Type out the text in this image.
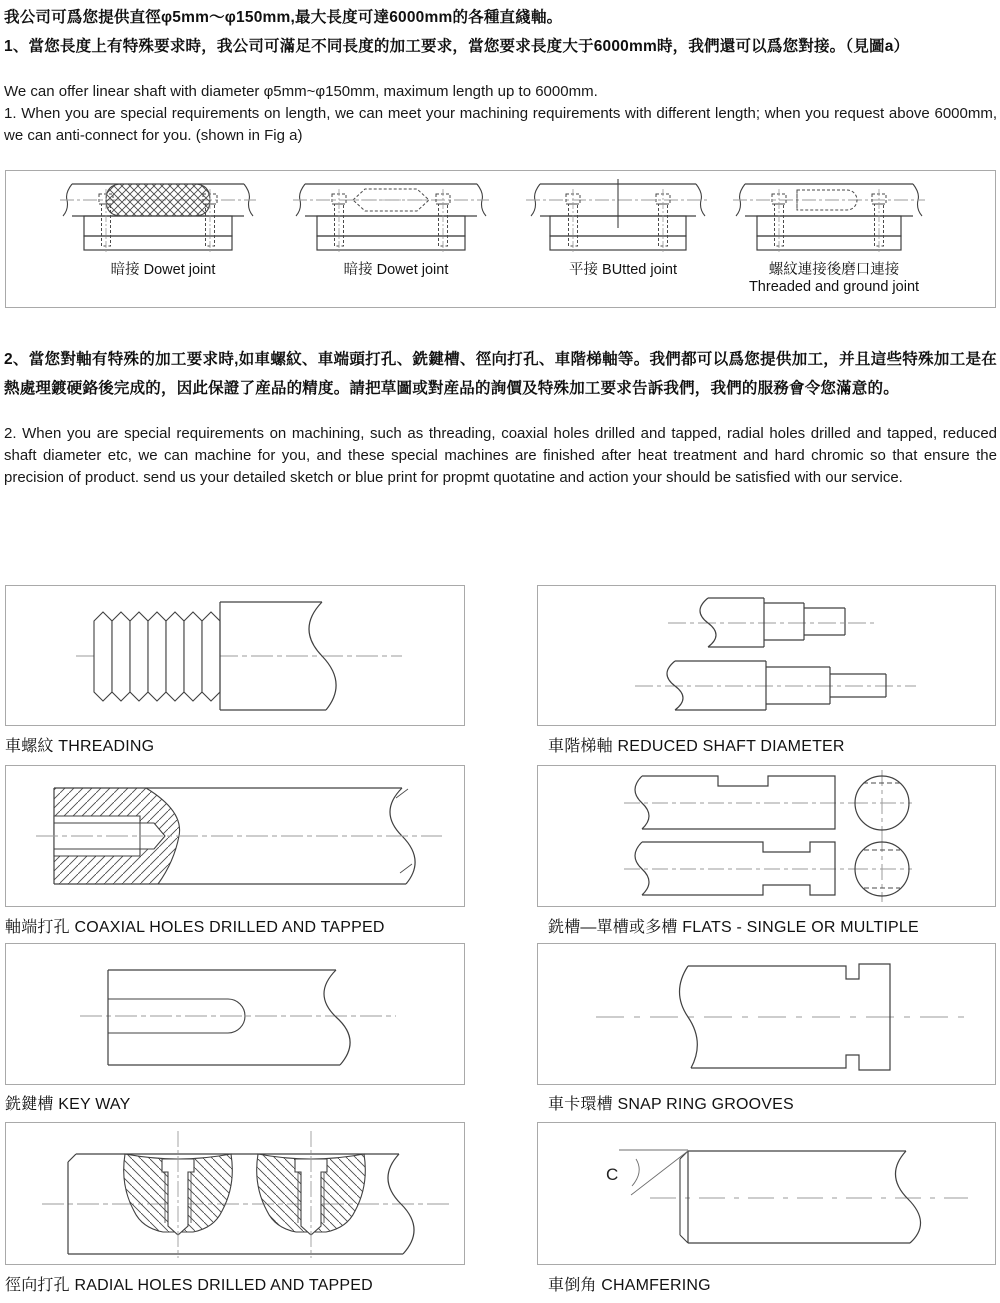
我公司可爲您提供直徑φ5mm～φ150mm,最大長度可達6000mm的各種直綫軸。
1、當您長度上有特殊要求時，我公司可滿足不同長度的加工要求，當您要求長度大于6000mm時，我們還可以爲您對接。（見圖a）
We can offer linear shaft with diameter φ5mm~φ150mm, maximum length up to 6000mm.
1. When you are special requirements on length, we can meet your machining requirements with different length; when you request above 6000mm, we can anti-connect for you. (shown in Fig a)
暗接 Dowet joint	暗接 Dowet joint	平接 BUtted joint	螺紋連接後磨口連接
Threaded and ground joint
2、當您對軸有特殊的加工要求時,如車螺紋、車端頭打孔、銑鍵槽、徑向打孔、車階梯軸等。我們都可以爲您提供加工，并且這些特殊加工是在熱處理鍍硬鉻後完成的，因此保證了産品的精度。請把草圖或對産品的詢價及特殊加工要求告訴我們，我們的服務會令您滿意的。
2. When you are special requirements on machining, such as threading, coaxial holes drilled and tapped, radial holes drilled and tapped, reduced shaft diameter etc, we can machine for you, and these special machines are finished after heat treatment and hard chromic so that ensure the precision of product. send us your detailed sketch or blue print for propmt quotatine and action your should be satisfied with our service.
車螺紋 THREADING	車階梯軸 REDUCED SHAFT DIAMETER
軸端打孔 COAXIAL HOLES DRILLED AND TAPPED	銑槽—單槽或多槽 FLATS - SINGLE OR MULTIPLE
銑鍵槽 KEY WAY	車卡環槽 SNAP RING GROOVES
徑向打孔 RADIAL HOLES DRILLED AND TAPPED
C
車倒角 CHAMFERING
